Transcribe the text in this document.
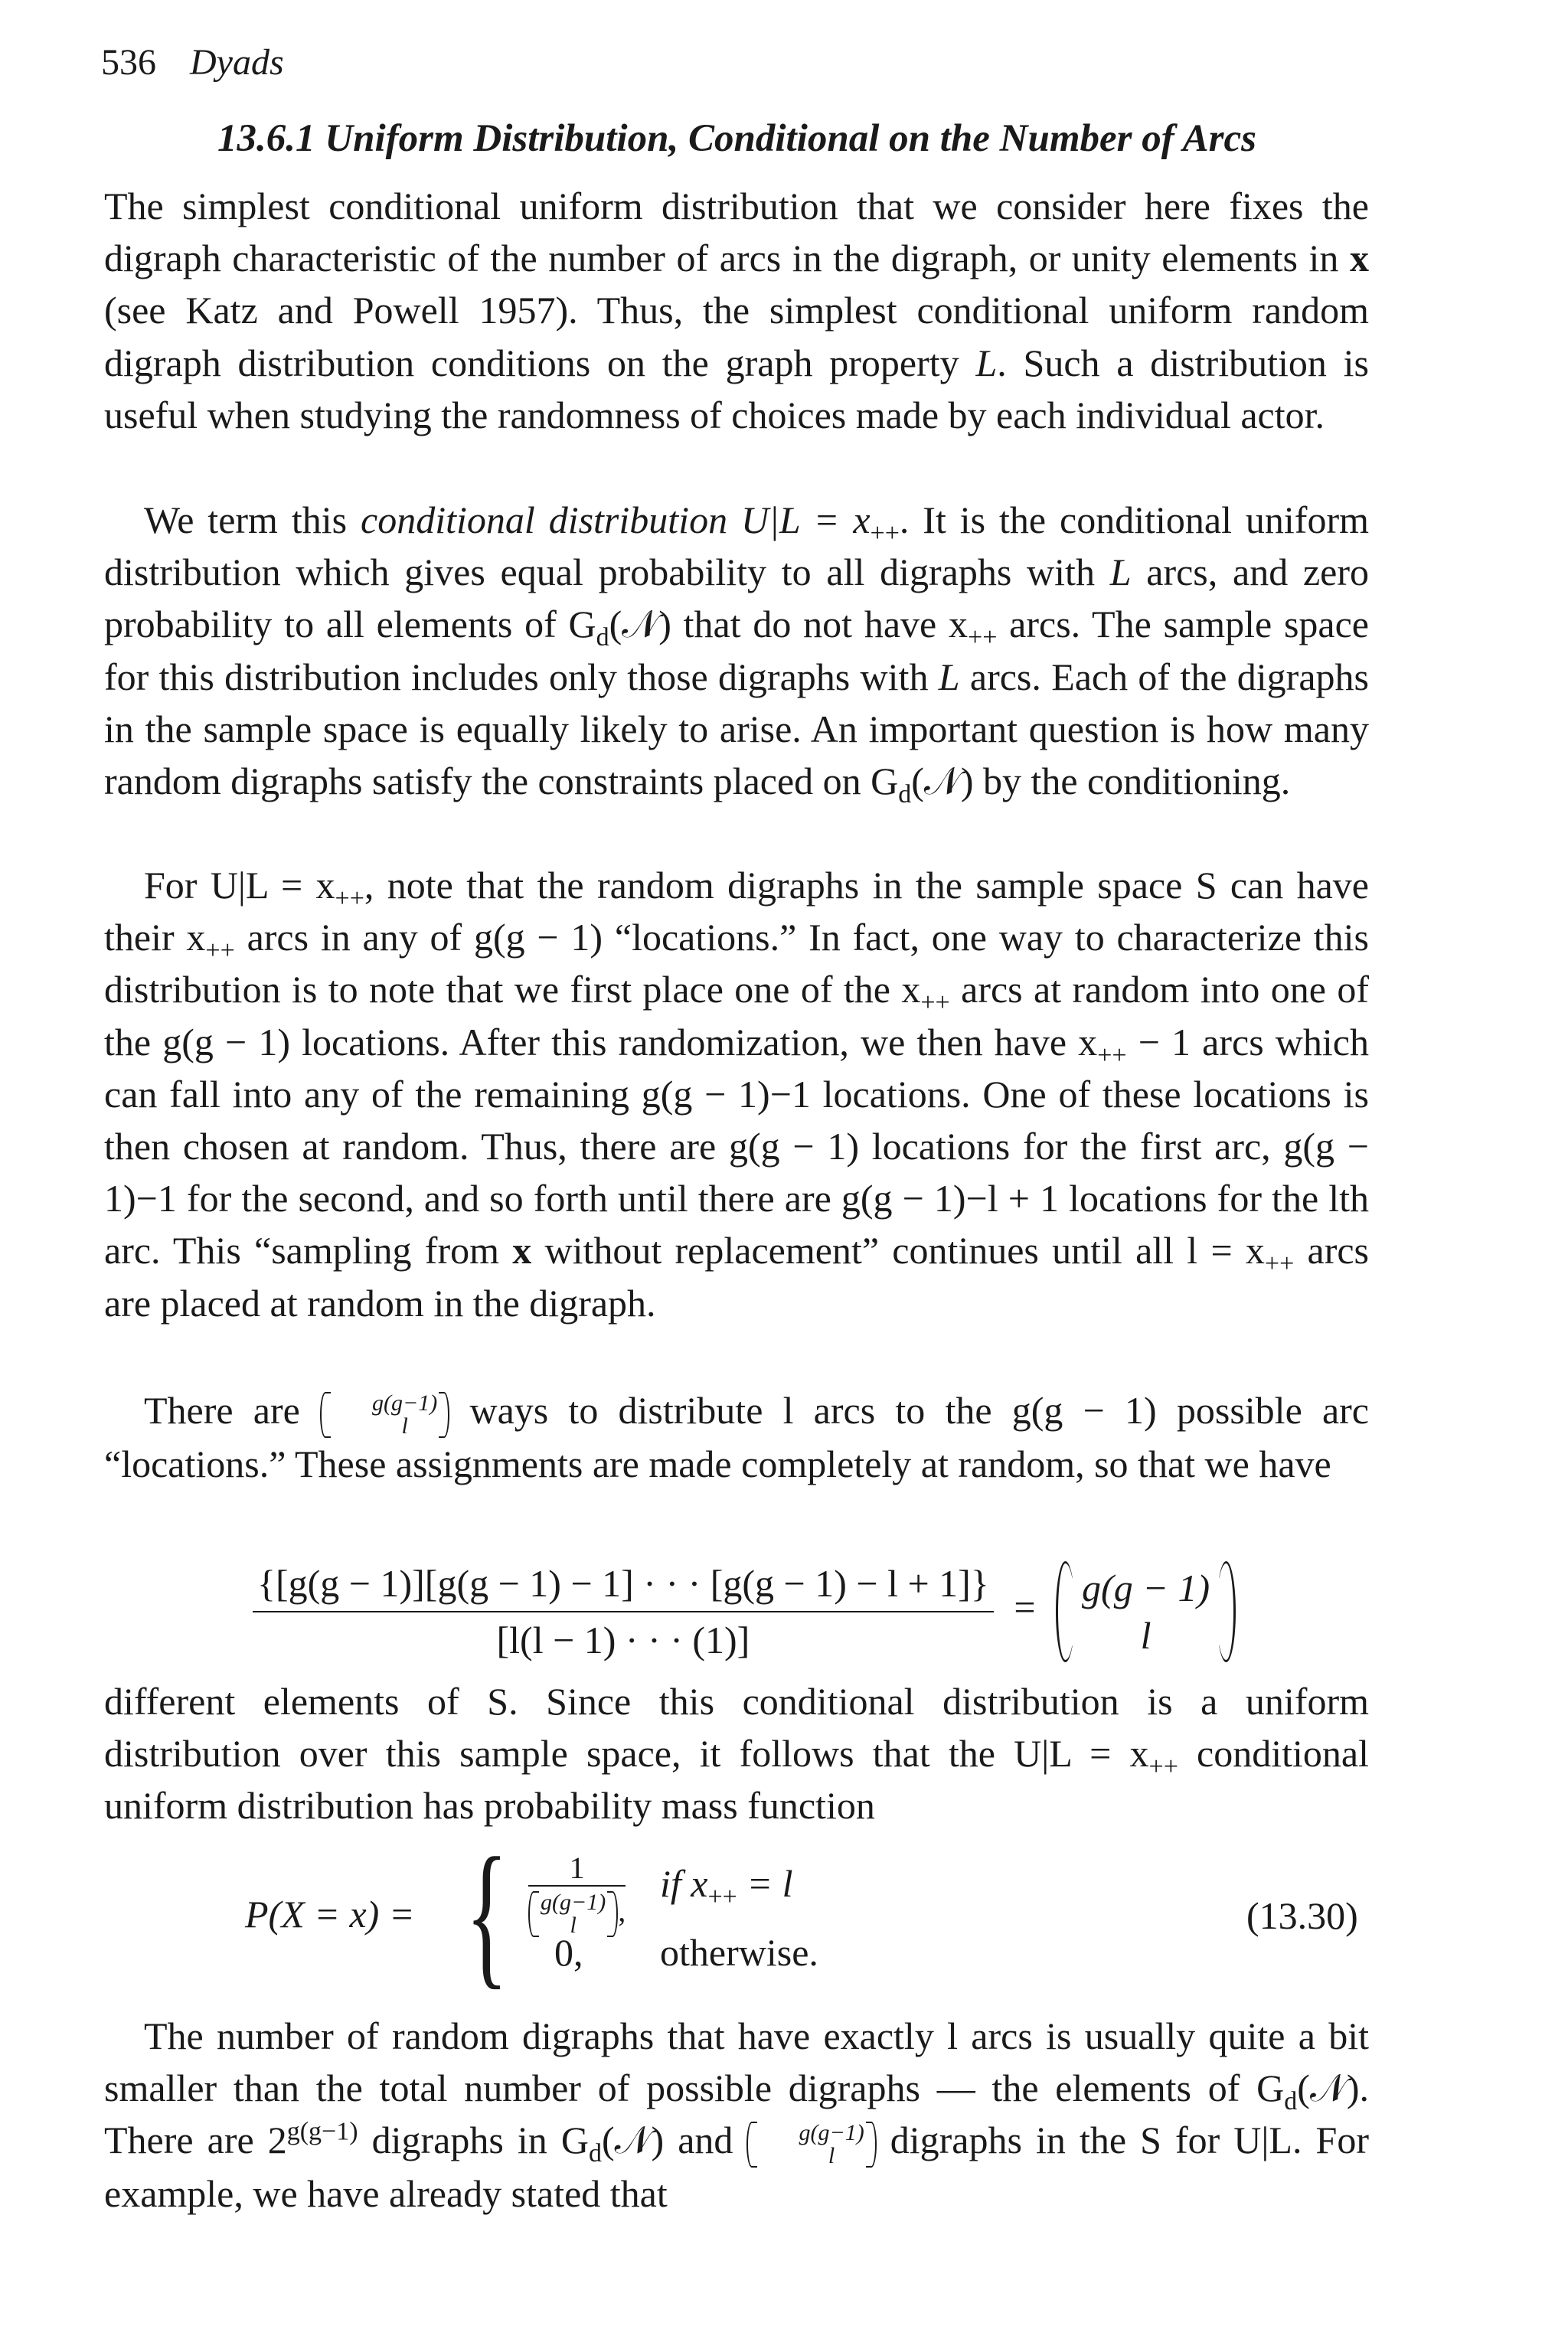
536 Dyads
13.6.1 Uniform Distribution, Conditional on the Number of Arcs

The simplest conditional uniform distribution that we consider here fixes the digraph characteristic of the number of arcs in the digraph, or unity elements in x (see Katz and Powell 1957). Thus, the simplest conditional uniform random digraph distribution conditions on the graph property L. Such a distribution is useful when studying the randomness of choices made by each individual actor.

We term this conditional distribution $U|L = x_{++}$. It is the conditional uniform distribution which gives equal probability to all digraphs with L arcs, and zero probability to all elements of $G_d(𝒩)$ that do not have $x_{++}$ arcs. The sample space for this distribution includes only those digraphs with L arcs. Each of the digraphs in the sample space is equally likely to arise. An important question is how many random digraphs satisfy the constraints placed on $G_d(𝒩)$ by the conditioning.

For $U|L = x_{++}$, note that the random digraphs in the sample space S can have their $x_{++}$ arcs in any of g(g − 1) “locations.” In fact, one way to characterize this distribution is to note that we first place one of the $x_{++}$ arcs at random into one of the g(g − 1) locations. After this randomization, we then have $x_{++} - 1$ arcs which can fall into any of the remaining g(g − 1)−1 locations. One of these locations is then chosen at random. Thus, there are g(g − 1) locations for the first arc, g(g − 1)−1 for the second, and so forth until there are g(g − 1)−l + 1 locations for the lth arc. This “sampling from x without replacement” continues until all $l = x_{++}$ arcs are placed at random in the digraph.

There are	g(g−1)
l	ways to distribute l arcs to the g(g − 1) possible arc “locations.” These assignments are made completely at random, so that we have

$\frac{\{[g(g - 1)][g(g - 1) - 1] \cdot \cdot \cdot [g(g - 1) - l + 1]\}}{[l(l - 1) \cdot \cdot \cdot (1)]} = g(g - 1)$
l

different elements of S. Since this conditional distribution is a uniform distribution over this sample space, it follows that the $U|L = x_{++}$ conditional uniform distribution has probability mass function

P(X = x) = { 1
g(g−1)
l	, if $x_{++} = l$
0, otherwise.
(13.30)

The number of random digraphs that have exactly l arcs is usually quite a bit smaller than the total number of possible digraphs — the elements of $G_d(𝒩)$. There are $2^{g(g-1)}$ digraphs in $G_d(𝒩)$ and	g(g−1)
l	digraphs in the S for U|L. For example, we have already stated that
